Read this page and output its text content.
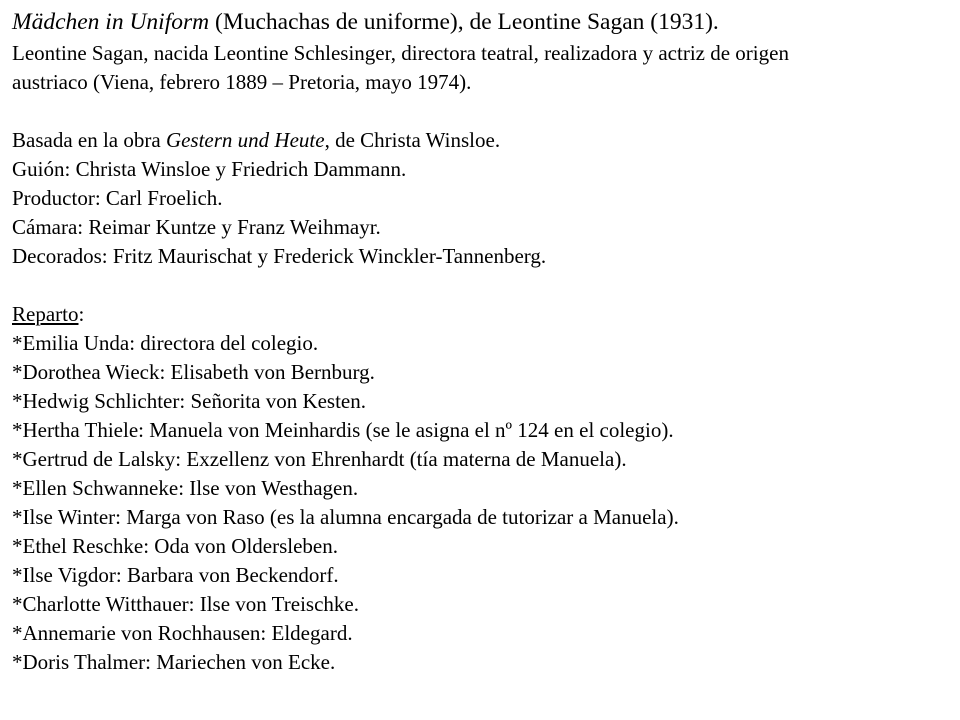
Mädchen in Uniform (Muchachas de uniforme), de Leontine Sagan (1931).
Leontine Sagan, nacida Leontine Schlesinger, directora teatral, realizadora y actriz de origen
austriaco (Viena, febrero 1889 – Pretoria, mayo 1974).
Basada en la obra Gestern und Heute, de Christa Winsloe.
Guión: Christa Winsloe y Friedrich Dammann.
Productor: Carl Froelich.
Cámara: Reimar Kuntze y Franz Weihmayr.
Decorados: Fritz Maurischat y Frederick Winckler-Tannenberg.
Reparto:
*Emilia Unda: directora del colegio.
*Dorothea Wieck: Elisabeth von Bernburg.
*Hedwig Schlichter: Señorita von Kesten.
*Hertha Thiele: Manuela von Meinhardis (se le asigna el nº 124 en el colegio).
*Gertrud de Lalsky: Exzellenz von Ehrenhardt (tía materna de Manuela).
*Ellen Schwanneke: Ilse von Westhagen.
*Ilse Winter: Marga von Raso (es la alumna encargada de tutorizar a Manuela).
*Ethel Reschke: Oda von Oldersleben.
*Ilse Vigdor: Barbara von Beckendorf.
*Charlotte Witthauer: Ilse von Treischke.
*Annemarie von Rochhausen: Eldegard.
*Doris Thalmer: Mariechen von Ecke.
